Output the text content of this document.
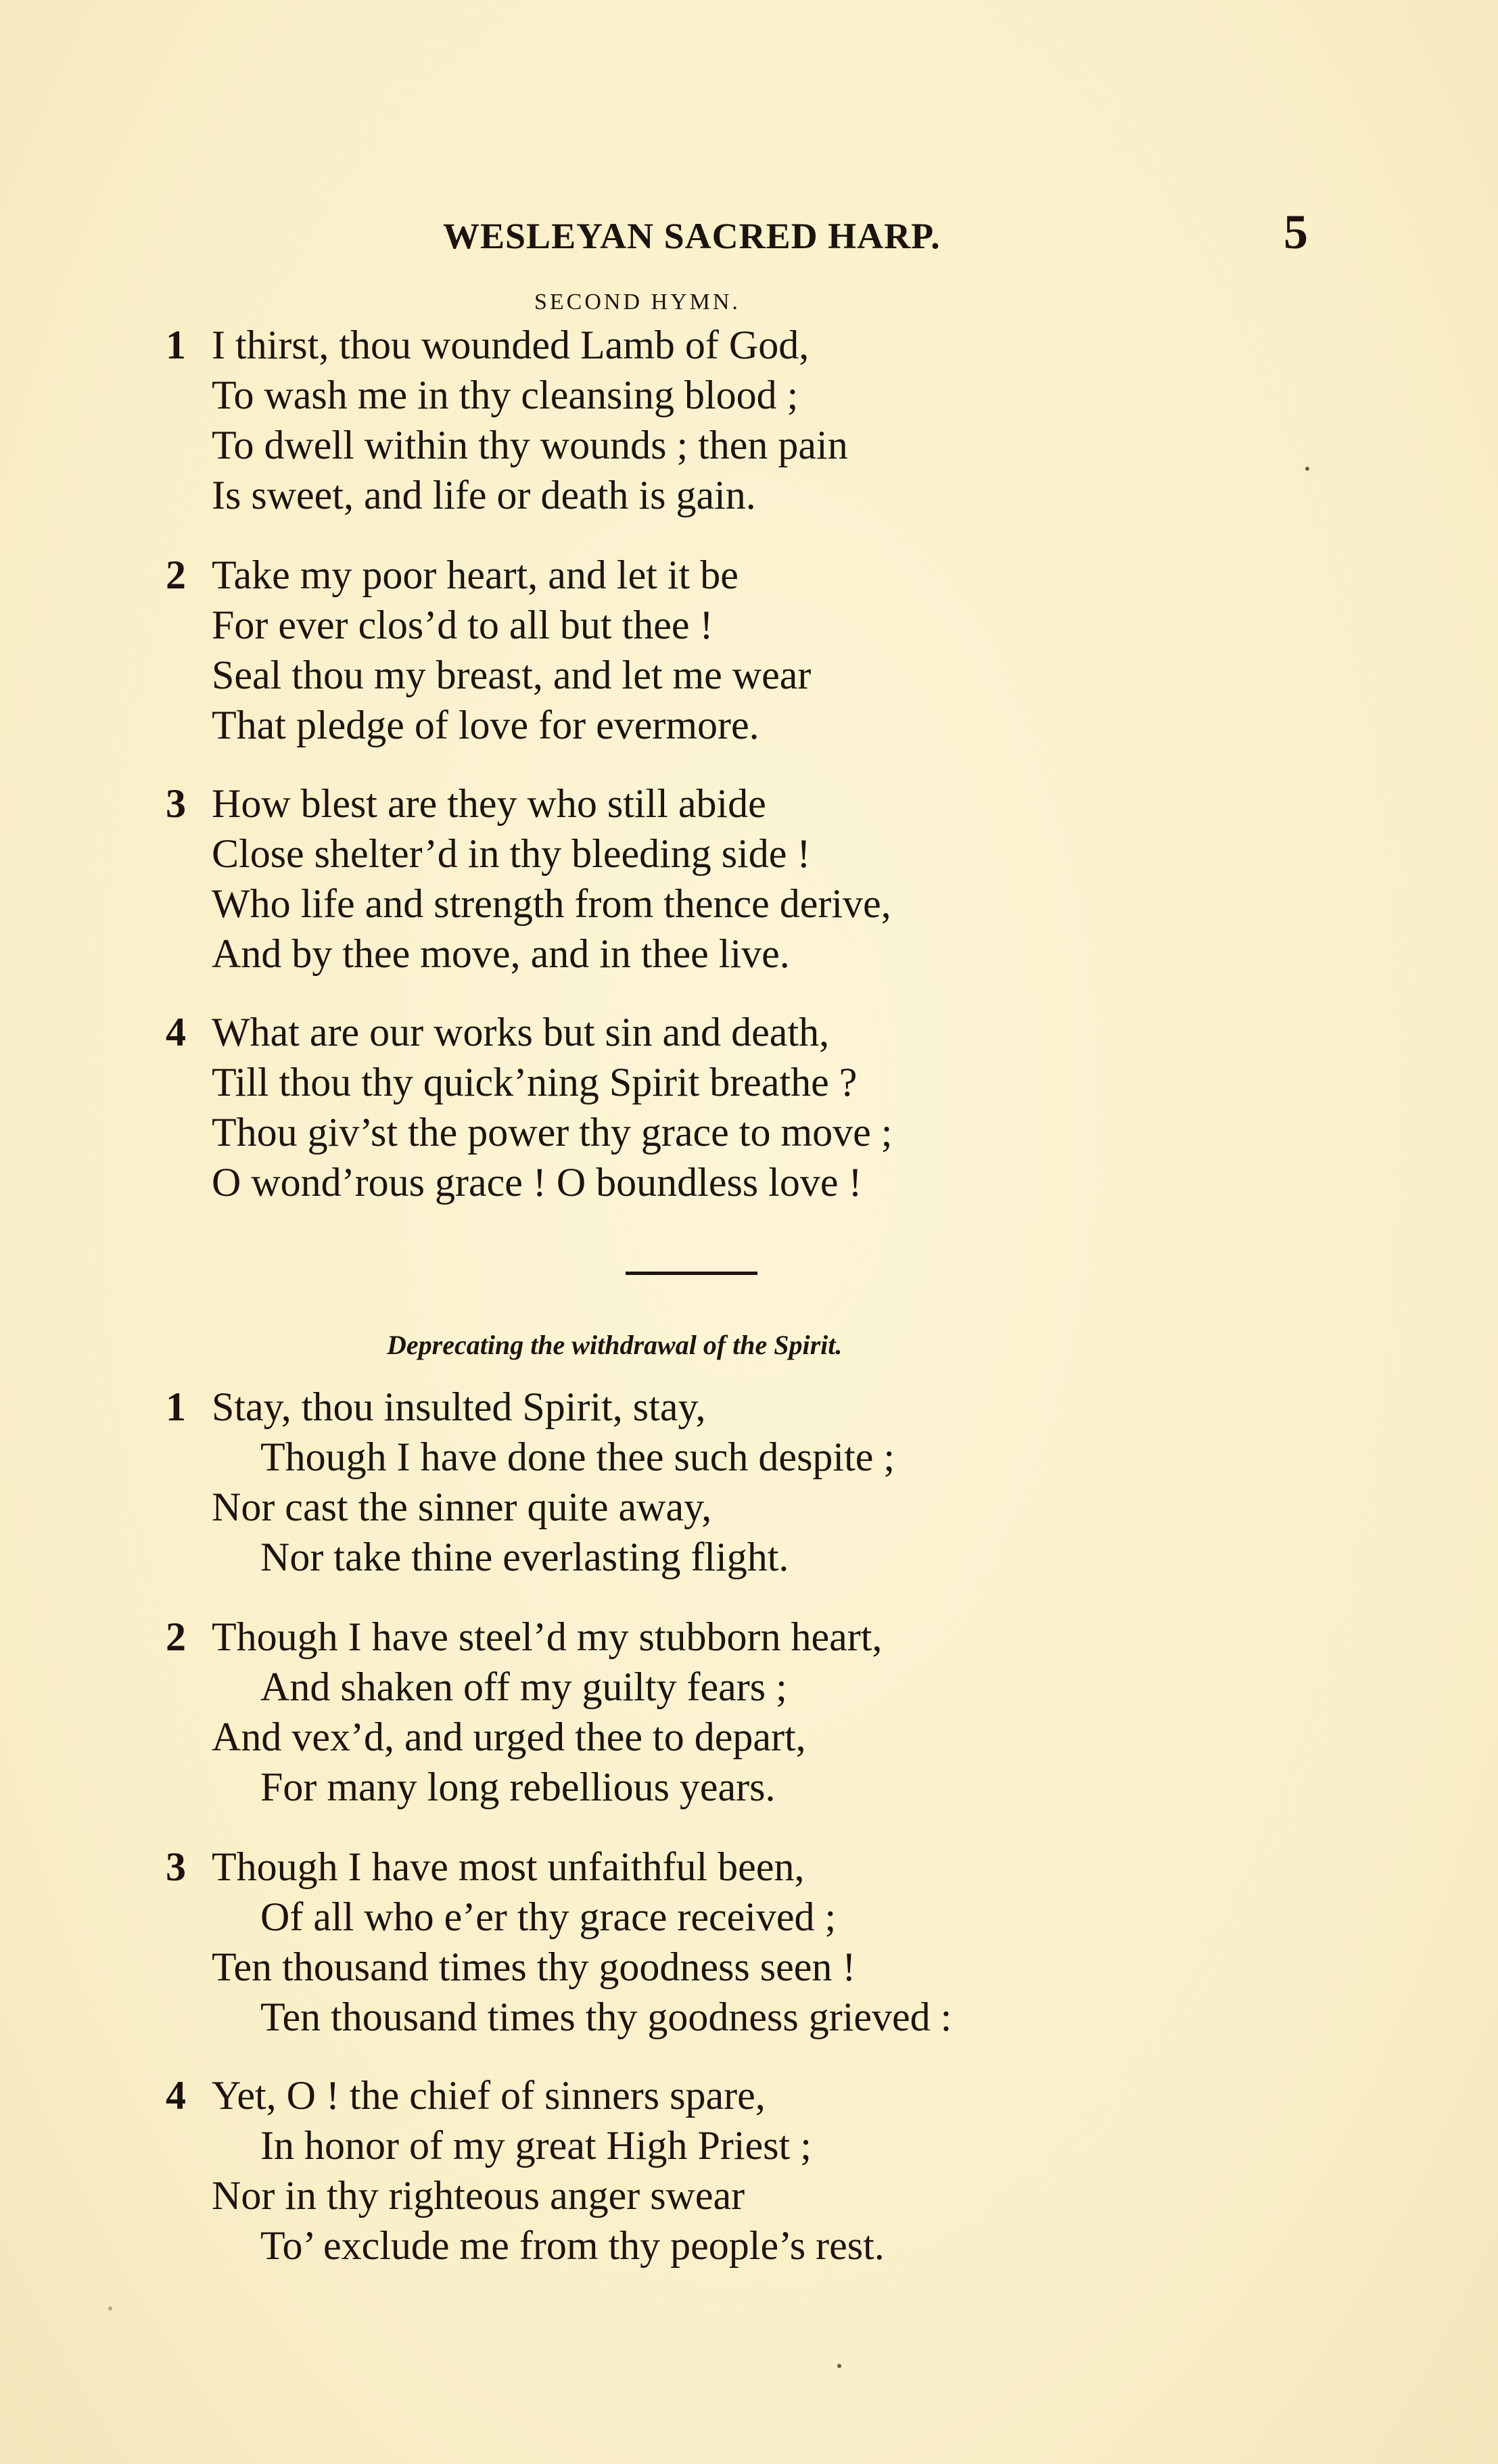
WESLEYAN SACRED HARP.	5
SECOND HYMN.
1 I thirst, thou wounded Lamb of God,
To wash me in thy cleansing blood ;
To dwell within thy wounds ; then pain
Is sweet, and life or death is gain.
2 Take my poor heart, and let it be
For ever clos’d to all but thee !
Seal thou my breast, and let me wear
That pledge of love for evermore.
3 How blest are they who still abide
Close shelter’d in thy bleeding side !
Who life and strength from thence derive,
And by thee move, and in thee live.
4 What are our works but sin and death,
Till thou thy quick’ning Spirit breathe ?
Thou giv’st the power thy grace to move ;
O wond’rous grace ! O boundless love !
Deprecating the withdrawal of the Spirit.
1 Stay, thou insulted Spirit, stay,
Though I have done thee such despite ;
Nor cast the sinner quite away,
Nor take thine everlasting flight.
2 Though I have steel’d my stubborn heart,
And shaken off my guilty fears ;
And vex’d, and urged thee to depart,
For many long rebellious years.
3 Though I have most unfaithful been,
Of all who e’er thy grace received ;
Ten thousand times thy goodness seen !
Ten thousand times thy goodness grieved :
4 Yet, O ! the chief of sinners spare,
In honor of my great High Priest ;
Nor in thy righteous anger swear
To’ exclude me from thy people’s rest.
